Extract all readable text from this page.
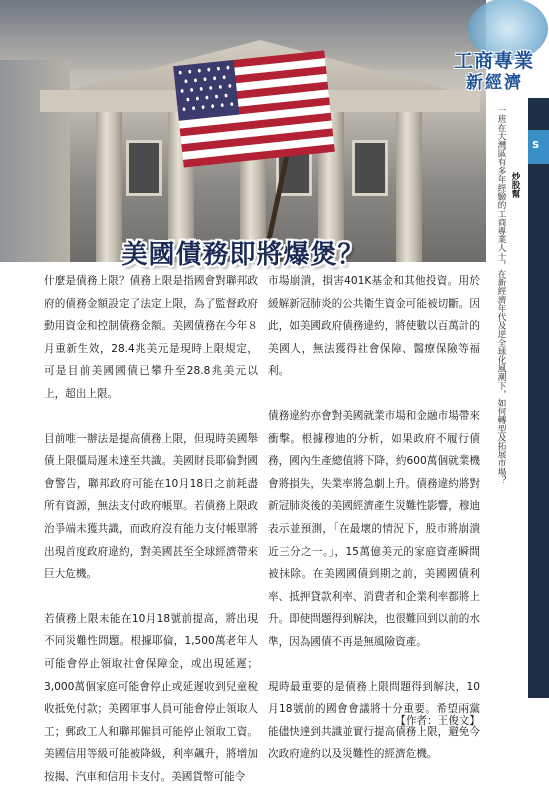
工商專業
新經濟
S
炒股幫
一班在大灣區有多年經驗的工商專業人士，在新經濟年代及逆全球化風潮下，如何轉型及拓展市場？
美國債務即將爆煲？

什麼是債務上限？債務上限是指國會對聯邦政府的債務金額設定了法定上限，為了監督政府動用資金和控制債務金額。美國債務在今年８月重新生效，28.4兆美元是現時上限規定，可是目前美國國債已攀升至28.8兆美元以上，超出上限。

目前唯一辦法是提高債務上限，但現時美國舉債上限僵局遲未達至共識。美國財長耶倫對國會警告，聯邦政府可能在10月18日之前耗盡所有資源，無法支付政府帳單。若債務上限政治爭端未獲共識，而政府沒有能力支付帳單將出現首度政府違約，對美國甚至全球經濟帶來巨大危機。

若債務上限未能在10月18號前提高，將出現不同災難性問題。根據耶倫，1,500萬老年人可能會停止領取社會保障金，或出現延遲；3,000萬個家庭可能會停止或延遲收到兒童稅收抵免付款；美國軍事人員可能會停止領取人工；郵政工人和聯邦僱員可能停止領取工資。美國信用等級可能被降級，利率飆升，將增加按揭、汽車和信用卡支付。美國貨幣可能令

市場崩潰，損害401K基金和其他投資。用於緩解新冠肺炎的公共衛生資金可能被切斷。因此，如美國政府債務違約，將使數以百萬計的美國人，無法獲得社會保障、醫療保險等福利。

債務違約亦會對美國就業市場和金融市場帶來衝擊。根據穆迪的分析，如果政府不履行債務，國內生產總值將下降，約600萬個就業機會將損失，失業率將急劇上升。債務違約將對新冠肺炎後的美國經濟產生災難性影響，穆迪表示並預測，「在最壞的情況下，股市將崩潰近三分之一。」，15萬億美元的家庭資產瞬間被抹除。在美國國債到期之前，美國國債利率、抵押貸款利率、消費者和企業利率都將上升。即使問題得到解決，也很難回到以前的水準，因為國債不再是無風險資產。

現時最重要的是債務上限問題得到解決，10月18號前的國會會議將十分重要。希望兩黨能儘快達到共識並實行提高債務上限，避免今次政府違約以及災難性的經濟危機。

【作者：王俊文】
